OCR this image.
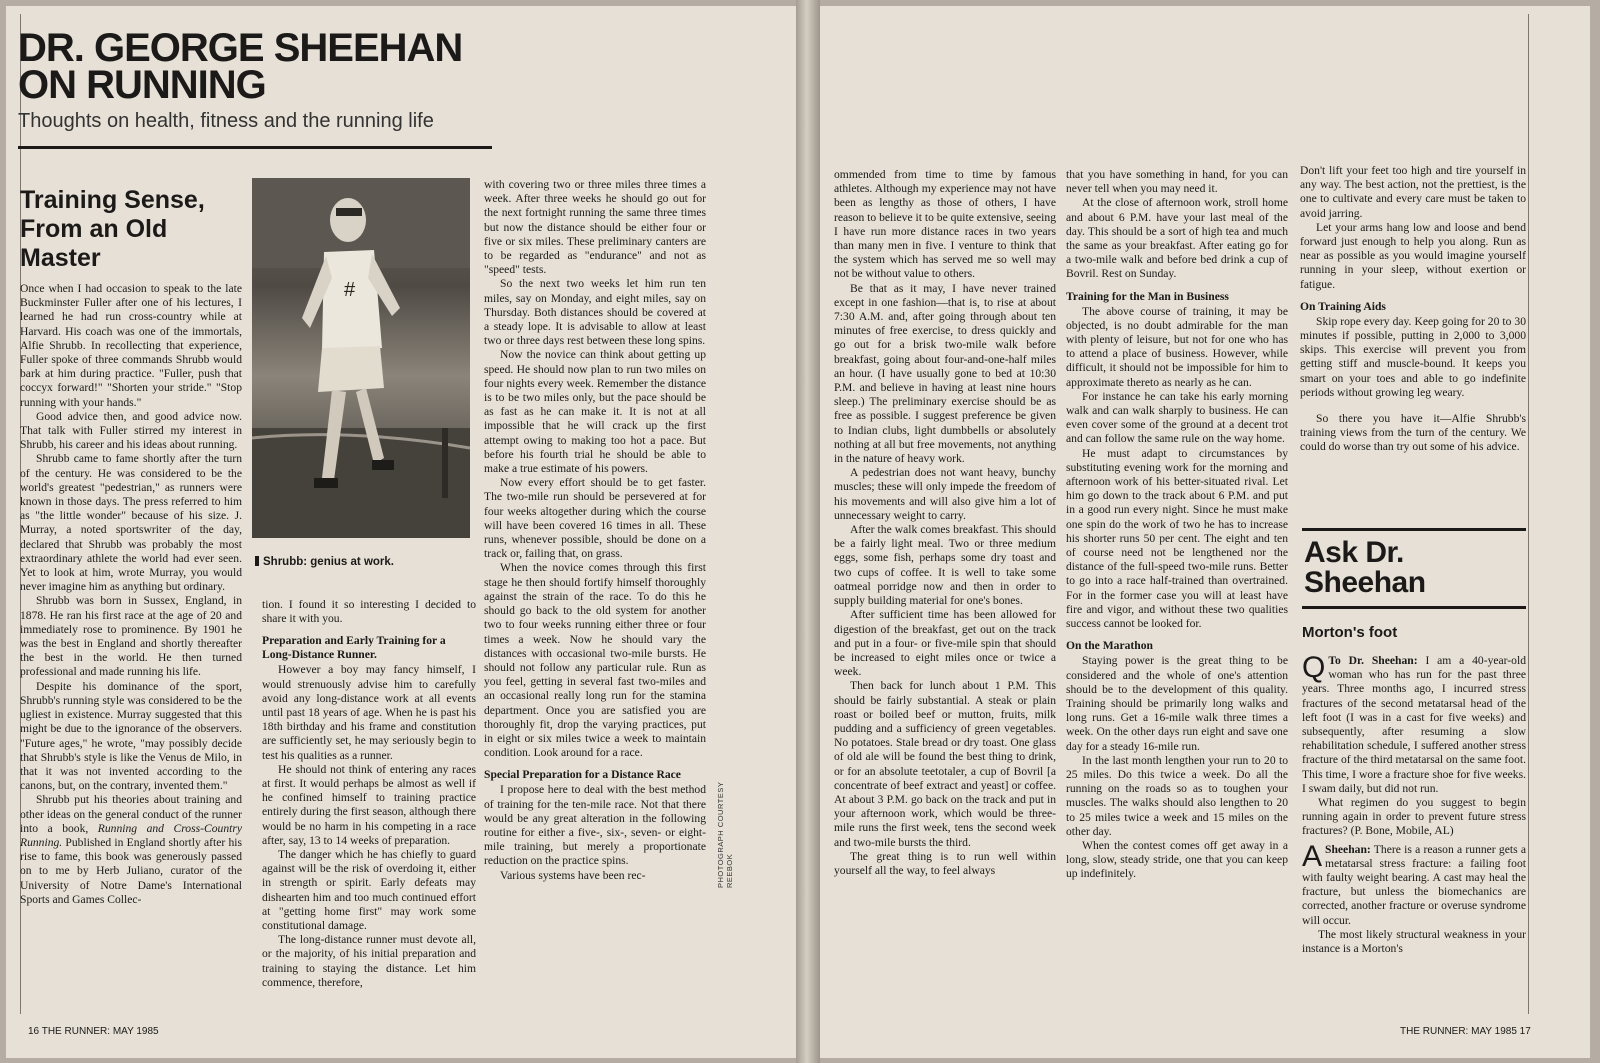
DR. GEORGE SHEEHAN ON RUNNING
Thoughts on health, fitness and the running life
Training Sense, From an Old Master

Once when I had occasion to speak to the late Buckminster Fuller after one of his lectures, I learned he had run cross-country while at Harvard. His coach was one of the immortals, Alfie Shrubb. In recollecting that experience, Fuller spoke of three commands Shrubb would bark at him during practice. "Fuller, push that coccyx forward!" "Shorten your stride." "Stop running with your hands."

Good advice then, and good advice now. That talk with Fuller stirred my interest in Shrubb, his career and his ideas about running.

Shrubb came to fame shortly after the turn of the century. He was considered to be the world's greatest "pedestrian," as runners were known in those days. The press referred to him as "the little wonder" because of his size. J. Murray, a noted sportswriter of the day, declared that Shrubb was probably the most extraordinary athlete the world had ever seen. Yet to look at him, wrote Murray, you would never imagine him as anything but ordinary.

Shrubb was born in Sussex, England, in 1878. He ran his first race at the age of 20 and immediately rose to prominence. By 1901 he was the best in England and shortly thereafter the best in the world. He then turned professional and made running his life.

Despite his dominance of the sport, Shrubb's running style was considered to be the ugliest in existence. Murray suggested that this might be due to the ignorance of the observers. "Future ages," he wrote, "may possibly decide that Shrubb's style is like the Venus de Milo, in that it was not invented according to the canons, but, on the contrary, invented them."

Shrubb put his theories about training and other ideas on the general conduct of the runner into a book, Running and Cross-Country Running. Published in England shortly after his rise to fame, this book was generously passed on to me by Herb Juliano, curator of the University of Notre Dame's International Sports and Games Collec-

#
Shrubb: genius at work.

tion. I found it so interesting I decided to share it with you.

Preparation and Early Training for a Long-Distance Runner.

However a boy may fancy himself, I would strenuously advise him to carefully avoid any long-distance work at all events until past 18 years of age. When he is past his 18th birthday and his frame and constitution are sufficiently set, he may seriously begin to test his qualities as a runner.

He should not think of entering any races at first. It would perhaps be almost as well if he confined himself to training practice entirely during the first season, although there would be no harm in his competing in a race after, say, 13 to 14 weeks of preparation.

The danger which he has chiefly to guard against will be the risk of overdoing it, either in strength or spirit. Early defeats may dishearten him and too much continued effort at "getting home first" may work some constitutional damage.

The long-distance runner must devote all, or the majority, of his initial preparation and training to staying the distance. Let him commence, therefore,

with covering two or three miles three times a week. After three weeks he should go out for the next fortnight running the same three times but now the distance should be either four or five or six miles. These preliminary canters are to be regarded as "endurance" and not as "speed" tests.

So the next two weeks let him run ten miles, say on Monday, and eight miles, say on Thursday. Both distances should be covered at a steady lope. It is advisable to allow at least two or three days rest between these long spins.

Now the novice can think about getting up speed. He should now plan to run two miles on four nights every week. Remember the distance is to be two miles only, but the pace should be as fast as he can make it. It is not at all impossible that he will crack up the first attempt owing to making too hot a pace. But before his fourth trial he should be able to make a true estimate of his powers.

Now every effort should be to get faster. The two-mile run should be persevered at for four weeks altogether during which the course will have been covered 16 times in all. These runs, whenever possible, should be done on a track or, failing that, on grass.

When the novice comes through this first stage he then should fortify himself thoroughly against the strain of the race. To do this he should go back to the old system for another two to four weeks running either three or four times a week. Now he should vary the distances with occasional two-mile bursts. He should not follow any particular rule. Run as you feel, getting in several fast two-miles and an occasional really long run for the stamina department. Once you are satisfied you are thoroughly fit, drop the varying practices, put in eight or six miles twice a week to maintain condition. Look around for a race.

Special Preparation for a Distance Race

I propose here to deal with the best method of training for the ten-mile race. Not that there would be any great alteration in the following routine for either a five-, six-, seven- or eight-mile training, but merely a proportionate reduction on the practice spins.

Various systems have been rec-	PHOTOGRAPH COURTESY REEBOK

ommended from time to time by famous athletes. Although my experience may not have been as lengthy as those of others, I have reason to believe it to be quite extensive, seeing I have run more distance races in two years than many men in five. I venture to think that the system which has served me so well may not be without value to others.

Be that as it may, I have never trained except in one fashion—that is, to rise at about 7:30 A.M. and, after going through about ten minutes of free exercise, to dress quickly and go out for a brisk two-mile walk before breakfast, going about four-and-one-half miles an hour. (I have usually gone to bed at 10:30 P.M. and believe in having at least nine hours sleep.) The preliminary exercise should be as free as possible. I suggest preference be given to Indian clubs, light dumbbells or absolutely nothing at all but free movements, not anything in the nature of heavy work.

A pedestrian does not want heavy, bunchy muscles; these will only impede the freedom of his movements and will also give him a lot of unnecessary weight to carry.

After the walk comes breakfast. This should be a fairly light meal. Two or three medium eggs, some fish, perhaps some dry toast and two cups of coffee. It is well to take some oatmeal porridge now and then in order to supply building material for one's bones.

After sufficient time has been allowed for digestion of the breakfast, get out on the track and put in a four- or five-mile spin that should be increased to eight miles once or twice a week.

Then back for lunch about 1 P.M. This should be fairly substantial. A steak or plain roast or boiled beef or mutton, fruits, milk pudding and a sufficiency of green vegetables. No potatoes. Stale bread or dry toast. One glass of old ale will be found the best thing to drink, or for an absolute teetotaler, a cup of Bovril [a concentrate of beef extract and yeast] or coffee. At about 3 P.M. go back on the track and put in your afternoon work, which would be three-mile runs the first week, tens the second week and two-mile bursts the third.

The great thing is to run well within yourself all the way, to feel always

that you have something in hand, for you can never tell when you may need it.

At the close of afternoon work, stroll home and about 6 P.M. have your last meal of the day. This should be a sort of high tea and much the same as your breakfast. After eating go for a two-mile walk and before bed drink a cup of Bovril. Rest on Sunday.

Training for the Man in Business

The above course of training, it may be objected, is no doubt admirable for the man with plenty of leisure, but not for one who has to attend a place of business. However, while difficult, it should not be impossible for him to approximate thereto as nearly as he can.

For instance he can take his early morning walk and can walk sharply to business. He can even cover some of the ground at a decent trot and can follow the same rule on the way home.

He must adapt to circumstances by substituting evening work for the morning and afternoon work of his better-situated rival. Let him go down to the track about 6 P.M. and put in a good run every night. Since he must make one spin do the work of two he has to increase his shorter runs 50 per cent. The eight and ten of course need not be lengthened nor the distance of the full-speed two-mile runs. Better to go into a race half-trained than overtrained. For in the former case you will at least have fire and vigor, and without these two qualities success cannot be looked for.

On the Marathon

Staying power is the great thing to be considered and the whole of one's attention should be to the development of this quality. Training should be primarily long walks and long runs. Get a 16-mile walk three times a week. On the other days run eight and save one day for a steady 16-mile run.

In the last month lengthen your run to 20 to 25 miles. Do this twice a week. Do all the running on the roads so as to toughen your muscles. The walks should also lengthen to 20 to 25 miles twice a week and 15 miles on the other day.

When the contest comes off get away in a long, slow, steady stride, one that you can keep up indefinitely.

Don't lift your feet too high and tire yourself in any way. The best action, not the prettiest, is the one to cultivate and every care must be taken to avoid jarring.

Let your arms hang low and loose and bend forward just enough to help you along. Run as near as possible as you would imagine yourself running in your sleep, without exertion or fatigue.

On Training Aids

Skip rope every day. Keep going for 20 to 30 minutes if possible, putting in 2,000 to 3,000 skips. This exercise will prevent you from getting stiff and muscle-bound. It keeps you smart on your toes and able to go indefinite periods without growing leg weary.

So there you have it—Alfie Shrubb's training views from the turn of the century. We could do worse than try out some of his advice.

Ask Dr. Sheehan
Morton's foot

Q To Dr. Sheehan: I am a 40-year-old woman who has run for the past three years. Three months ago, I incurred stress fractures of the second metatarsal head of the left foot (I was in a cast for five weeks) and subsequently, after resuming a slow rehabilitation schedule, I suffered another stress fracture of the third metatarsal on the same foot. This time, I wore a fracture shoe for five weeks. I swam daily, but did not run.

What regimen do you suggest to begin running again in order to prevent future stress fractures? (P. Bone, Mobile, AL)

A Sheehan: There is a reason a runner gets a metatarsal stress fracture: a failing foot with faulty weight bearing. A cast may heal the fracture, but unless the biomechanics are corrected, another fracture or overuse syndrome will occur.

The most likely structural weakness in your instance is a Morton's

16 THE RUNNER: MAY 1985	THE RUNNER: MAY 1985 17
